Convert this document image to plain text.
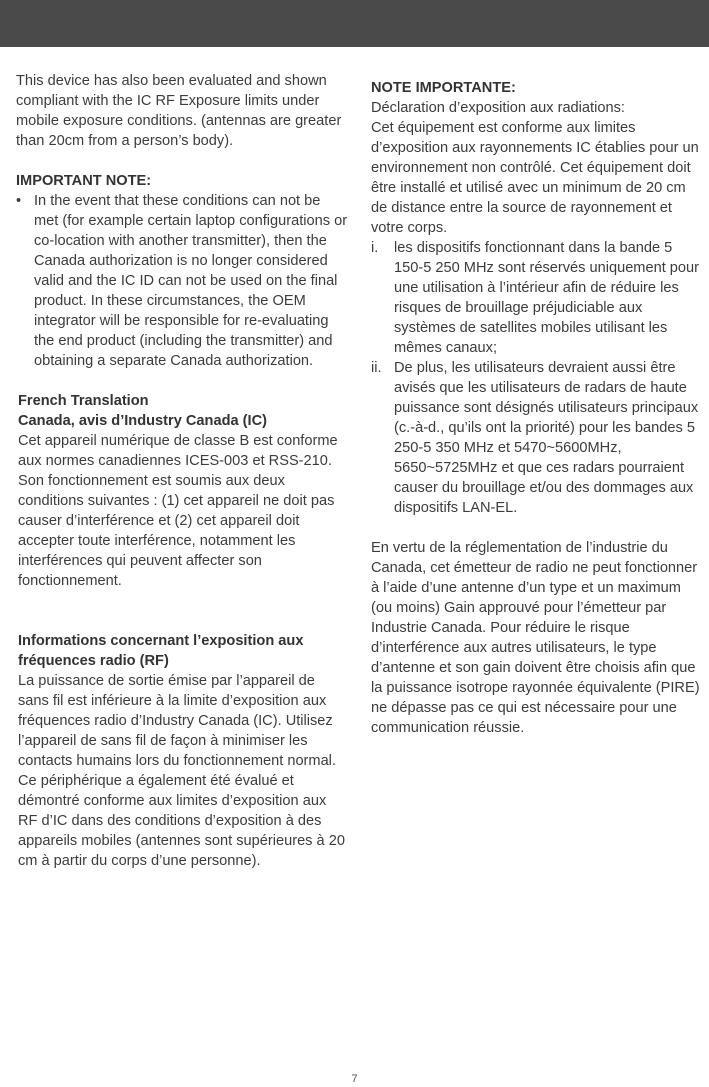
This device has also been evaluated and shown compliant with the IC RF Exposure limits under mobile exposure conditions. (antennas are greater than 20cm from a person’s body).

IMPORTANT NOTE:

• In the event that these conditions can not be met (for example certain laptop configurations or co-location with another transmitter), then the Canada authorization is no longer considered valid and the IC ID can not be used on the final product. In these circumstances, the OEM integrator will be responsible for re-evaluating the end product (including the transmitter) and obtaining a separate Canada authorization.

French Translation

Canada, avis d’Industry Canada (IC)

Cet appareil numérique de classe B est conforme aux normes canadiennes ICES-003 et RSS-210.

Son fonctionnement est soumis aux deux conditions suivantes : (1) cet appareil ne doit pas causer d’interférence et (2) cet appareil doit accepter toute interférence, notamment les interférences qui peuvent affecter son fonctionnement.

Informations concernant l’exposition aux fréquences radio (RF)

La puissance de sortie émise par l’appareil de sans fil est inférieure à la limite d’exposition aux fréquences radio d’Industry Canada (IC). Utilisez l’appareil de sans fil de façon à minimiser les contacts humains lors du fonctionnement normal.

Ce périphérique a également été évalué et démontré conforme aux limites d’exposition aux RF d’IC dans des conditions d’exposition à des appareils mobiles (antennes sont supérieures à 20 cm à partir du corps d’une personne).

NOTE IMPORTANTE:

Déclaration d’exposition aux radiations:

Cet équipement est conforme aux limites d’exposition aux rayonnements IC établies pour un environnement non contrôlé. Cet équipement doit être installé et utilisé avec un minimum de 20 cm de distance entre la source de rayonnement et votre corps.

i. les dispositifs fonctionnant dans la bande 5 150-5 250 MHz sont réservés uniquement pour une utilisation à l’intérieur afin de réduire les risques de brouillage préjudiciable aux systèmes de satellites mobiles utilisant les mêmes canaux;
ii. De plus, les utilisateurs devraient aussi être avisés que les utilisateurs de radars de haute puissance sont désignés utilisateurs principaux (c.-à-d., qu’ils ont la priorité) pour les bandes 5 250-5 350 MHz et 5470~5600MHz, 5650~5725MHz et que ces radars pourraient causer du brouillage et/ou des dommages aux dispositifs LAN-EL.

En vertu de la réglementation de l’industrie du Canada, cet émetteur de radio ne peut fonctionner à l’aide d’une antenne d’un type et un maximum (ou moins) Gain approuvé pour l’émetteur par Industrie Canada. Pour réduire le risque d’interférence aux autres utilisateurs, le type d’antenne et son gain doivent être choisis afin que la puissance isotrope rayonnée équivalente (PIRE) ne dépasse pas ce qui est nécessaire pour une communication réussie.

7
